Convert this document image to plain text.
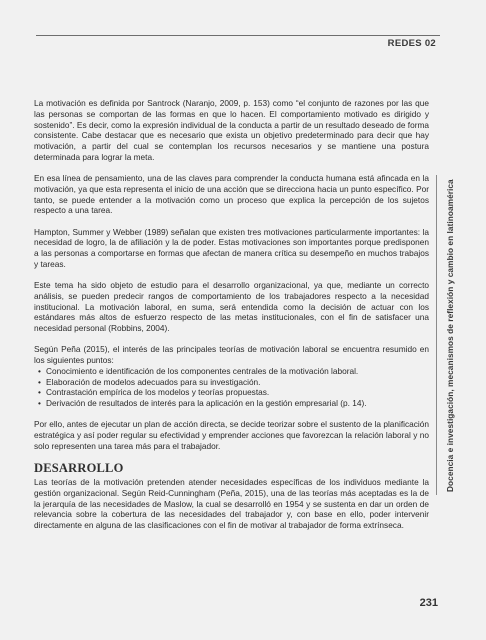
REDES 02

La motivación es definida por Santrock (Naranjo, 2009, p. 153) como “el conjunto de razones por las que las personas se comportan de las formas en que lo hacen. El comportamiento motivado es dirigido y sostenido”. Es decir, como la expresión individual de la conducta a partir de un resultado deseado de forma consistente. Cabe destacar que es necesario que exista un objetivo predeterminado para decir que hay motivación, a partir del cual se contemplan los recursos necesarios y se mantiene una postura determinada para lograr la meta.

En esa línea de pensamiento, una de las claves para comprender la conducta humana está afincada en la motivación, ya que esta representa el inicio de una acción que se direcciona hacia un punto específico. Por tanto, se puede entender a la motivación como un proceso que explica la percepción de los sujetos respecto a una tarea.

Hampton, Summer y Webber (1989) señalan que existen tres motivaciones particularmente importantes: la necesidad de logro, la de afiliación y la de poder. Estas motivaciones son importantes porque predisponen a las personas a comportarse en formas que afectan de manera crítica su desempeño en muchos trabajos y tareas.

Este tema ha sido objeto de estudio para el desarrollo organizacional, ya que, mediante un correcto análisis, se pueden predecir rangos de comportamiento de los trabajadores respecto a la necesidad institucional. La motivación laboral, en suma, será entendida como la decisión de actuar con los estándares más altos de esfuerzo respecto de las metas institucionales, con el fin de satisfacer una necesidad personal (Robbins, 2004).

Según Peña (2015), el interés de las principales teorías de motivación laboral se encuentra resumido en los siguientes puntos:

• Conocimiento e identificación de los componentes centrales de la motivación laboral.
• Elaboración de modelos adecuados para su investigación.
• Contrastación empírica de los modelos y teorías propuestas.
• Derivación de resultados de interés para la aplicación en la gestión empresarial (p. 14).

Por ello, antes de ejecutar un plan de acción directa, se decide teorizar sobre el sustento de la planificación estratégica y así poder regular su efectividad y emprender acciones que favorezcan la relación laboral y no solo representen una tarea más para el trabajador.

DESARROLLO

Las teorías de la motivación pretenden atender necesidades específicas de los individuos mediante la gestión organizacional. Según Reid-Cunningham (Peña, 2015), una de las teorías más aceptadas es la de la jerarquía de las necesidades de Maslow, la cual se desarrolló en 1954 y se sustenta en dar un orden de relevancia sobre la cobertura de las necesidades del trabajador y, con base en ello, poder intervenir directamente en alguna de las clasificaciones con el fin de motivar al trabajador de forma extrínseca.

Docencia e investigación, mecanismos de reflexión y cambio en latinoamérica
231
